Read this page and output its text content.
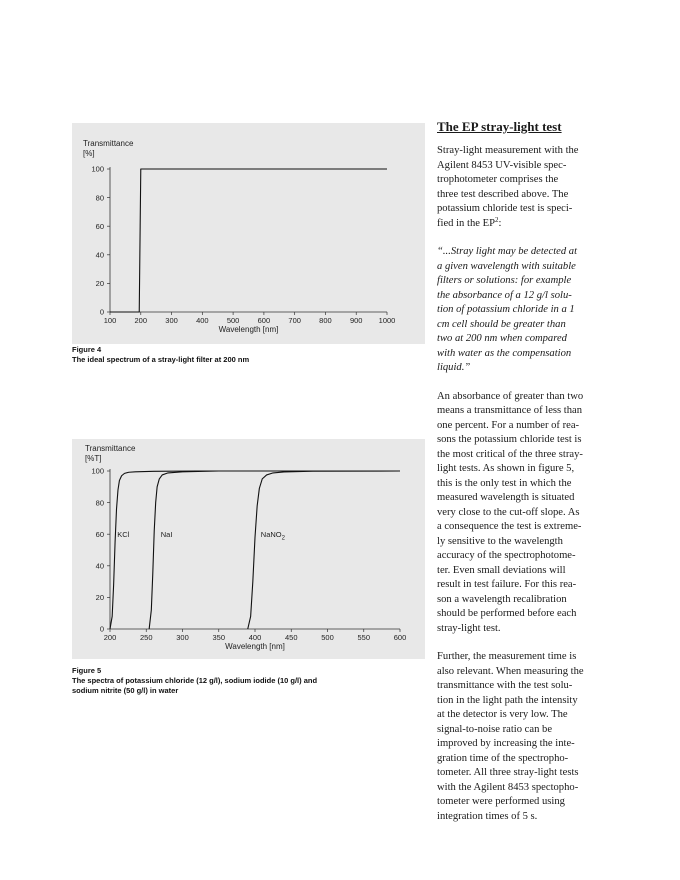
100 200 300 400 500 600 700 800 900 1000
0
20
40
60
80
100
Transmittance
[%]
Wavelength [nm]
Figure 4
The ideal spectrum of a stray-light filter at 200 nm
200	250	300	350	400	450	500	550	600
0
20
40
60
80
100
Transmittance
[%T]
Wavelength [nm]
KCl	NaI	NaNO$_2$
Figure 5
The spectra of potassium chloride (12 g/l), sodium iodide (10 g/l) and
sodium nitrite (50 g/l) in water
The EP stray-light test

Stray-light measurement with the
Agilent 8453 UV-visible spec-
trophotometer comprises the
three test described above. The
potassium chloride test is speci-
fied in the $EP^2$:

“...Stray light may be detected at
a given wavelength with suitable
filters or solutions: for example
the absorbance of a 12 g/l solu-
tion of potassium chloride in a 1
cm cell should be greater than
two at 200 nm when compared
with water as the compensation
liquid.”

An absorbance of greater than two
means a transmittance of less than
one percent. For a number of rea-
sons the potassium chloride test is
the most critical of the three stray-
light tests. As shown in figure 5,
this is the only test in which the
measured wavelength is situated
very close to the cut-off slope. As
a consequence the test is extreme-
ly sensitive to the wavelength
accuracy of the spectrophotome-
ter. Even small deviations will
result in test failure. For this rea-
son a wavelength recalibration
should be performed before each
stray-light test.

Further, the measurement time is
also relevant. When measuring the
transmittance with the test solu-
tion in the light path the intensity
at the detector is very low. The
signal-to-noise ratio can be
improved by increasing the inte-
gration time of the spectropho-
tometer. All three stray-light tests
with the Agilent 8453 spectopho-
tometer were performed using
integration times of 5 s.
